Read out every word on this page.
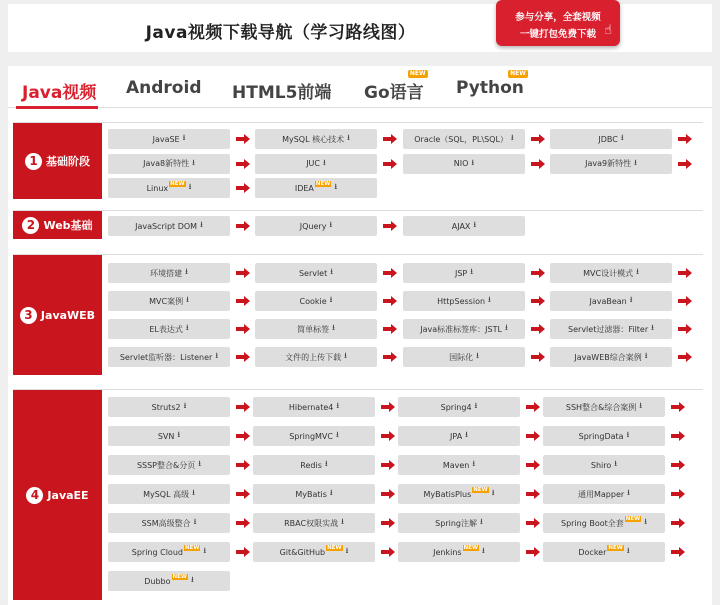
Java视频下载导航（学习路线图）
参与分享，全套视频
一键打包免费下载 ☝
Java视频 Android HTML5前端 Go语言
NEW
Python
NEW
1 基础阶段
JavaSE ⭳	MySQL 核心技术 ⭳	Oracle（SQL，PL\SQL） ⭳	JDBC ⭳
Java8新特性 ⭳	JUC ⭳	NIO ⭳	Java9新特性 ⭳
Linux NEW ⭳	IDEA NEW ⭳
2 Web基础	JavaScript DOM ⭳	JQuery ⭳	AJAX ⭳
3 JavaWEB
环境搭建 ⭳	Servlet ⭳	JSP ⭳	MVC设计模式 ⭳
MVC案例 ⭳	Cookie ⭳	HttpSession ⭳	JavaBean ⭳
EL表达式 ⭳	简单标签 ⭳	Java标准标签库：JSTL ⭳	Servlet过滤器：Filter ⭳
Servlet监听器：Listener ⭳	文件的上传下载 ⭳	国际化 ⭳	JavaWEB综合案例 ⭳
4 JavaEE
Struts2 ⭳	Hibernate4 ⭳	Spring4 ⭳	SSH整合&综合案例 ⭳
SVN ⭳	SpringMVC ⭳	JPA ⭳	SpringData ⭳
SSSP整合&分页 ⭳	Redis ⭳	Maven ⭳	Shiro ⭳
MySQL 高级 ⭳	MyBatis ⭳	MyBatisPlus NEW ⭳	通用Mapper ⭳
SSM高级整合 ⭳	RBAC权限实战 ⭳	Spring注解 ⭳	Spring Boot全套 NEW ⭳
Spring Cloud NEW ⭳	Git&GitHub NEW ⭳	Jenkins NEW ⭳	Docker NEW ⭳
Dubbo NEW ⭳
